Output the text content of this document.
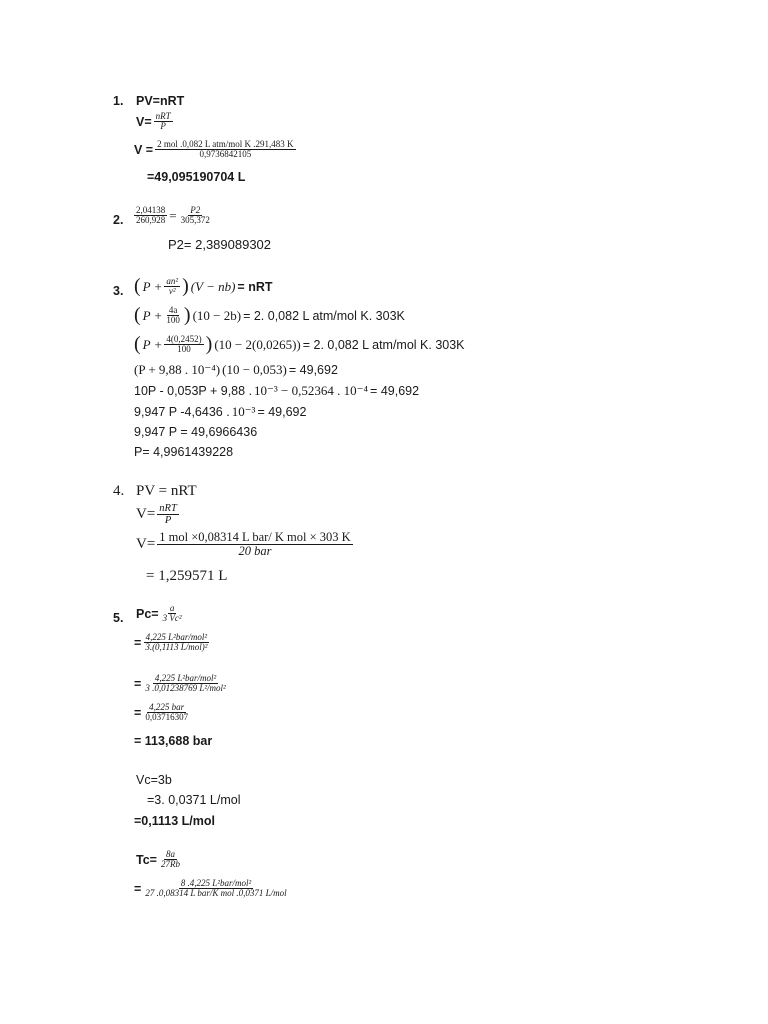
1. PV=nRT
$V= \frac{\text{nRT}}{P}$
$V = \frac{\text{2 mol .0,082 L atm/mol K .291,483 K}}{0,9736842105}$
=49,095190704 L
2. $\frac{2,04138}{260,928} = \frac{P2}{305,372}$
P2= 2,389089302
3. ( $P + \frac{\text{an²}}{\text{v²}}$ ) (V − nb) = nRT
( $P + \frac{4a}{100}$ ) (10 − 2b) = 2. 0,082 L atm/mol K. 303K
( $P + \frac{4(0,2452)}{100}$ ) (10 − 2(0,0265)) = 2. 0,082 L atm/mol K. 303K
(P + 9,88 . 10⁻⁴) (10 − 0,053) = 49,692
10P - 0,053P + 9,88 . 10⁻³ − 0,52364 . 10⁻⁴ = 49,692
9,947 P -4,6436 . 10⁻³ = 49,692
9,947 P = 49,6966436
P= 4,9961439228
4. PV = nRT
$V= \frac{\text{nRT}}{P}$
$V= \frac{\text{1 mol ×0,08314 L bar/ K mol × 303 K}}{\text{20 bar}}$
= 1,259571 L
5. $Pc= \frac{a}{\text{3 Vc²}}$
= $\frac{\text{4,225 L²bar/mol²}}{\text{3.(0,1113 L/mol)²}}$
= $\frac{\text{4,225 L²bar/mol²}}{\text{3 .0,01238769 L²/mol²}}$
= $\frac{\text{4,225 bar}}{0,03716307}$
= 113,688 bar
Vc=3b
=3. 0,0371 L/mol
=0,1113 L/mol
$Tc= \frac{8a}{27Rb}$
= $\frac{\text{8 .4,225 L²bar/mol²}}{\text{27 .0,08314 L bar/K mol .0,0371 L/mol}}$
